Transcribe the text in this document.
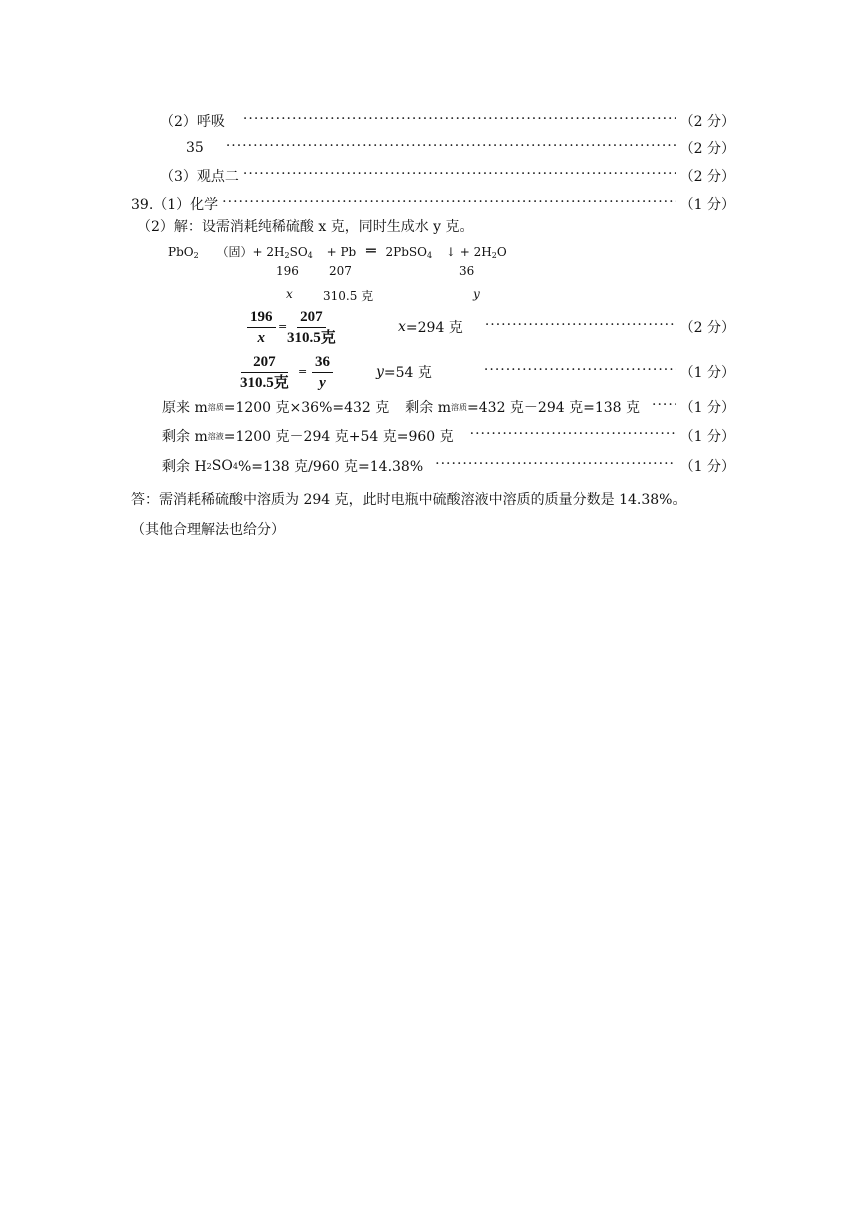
（2）呼吸 ·····	（2 分）
35 ·····	（2 分）
（3）观点二 ·····	（2 分）
39.（1）化学 ·····	（1 分）
（2）解：设需消耗纯稀硫酸 x 克，同时生成水 y 克。
PbO$_2$ （固）+ $2H_2SO_4 + Pb$ ═ 2PbSO$_4$ ↓ + $2H_2O$
196	207	36
x	310.5 克	y
$\frac{196}{x}$ =
207
310.5克
x =294 克 ·····	（2 分）
207
310.5克
= $\frac{36}{y}$	y =54 克 ·····	（1 分）
原来 m 溶质 =1200 克×36%=432 克 剩余 m 溶质 =432 克－294 克=138 克 ·····	（1 分）
剩余 m 溶液 =1200 克－294 克+54 克=960 克 ·····	（1 分）
剩余 H 2 SO 4 %=138 克/960 克=14.38% ·····	（1 分）
答：需消耗稀硫酸中溶质为 294 克，此时电瓶中硫酸溶液中溶质的质量分数是 14.38%。
（其他合理解法也给分）
